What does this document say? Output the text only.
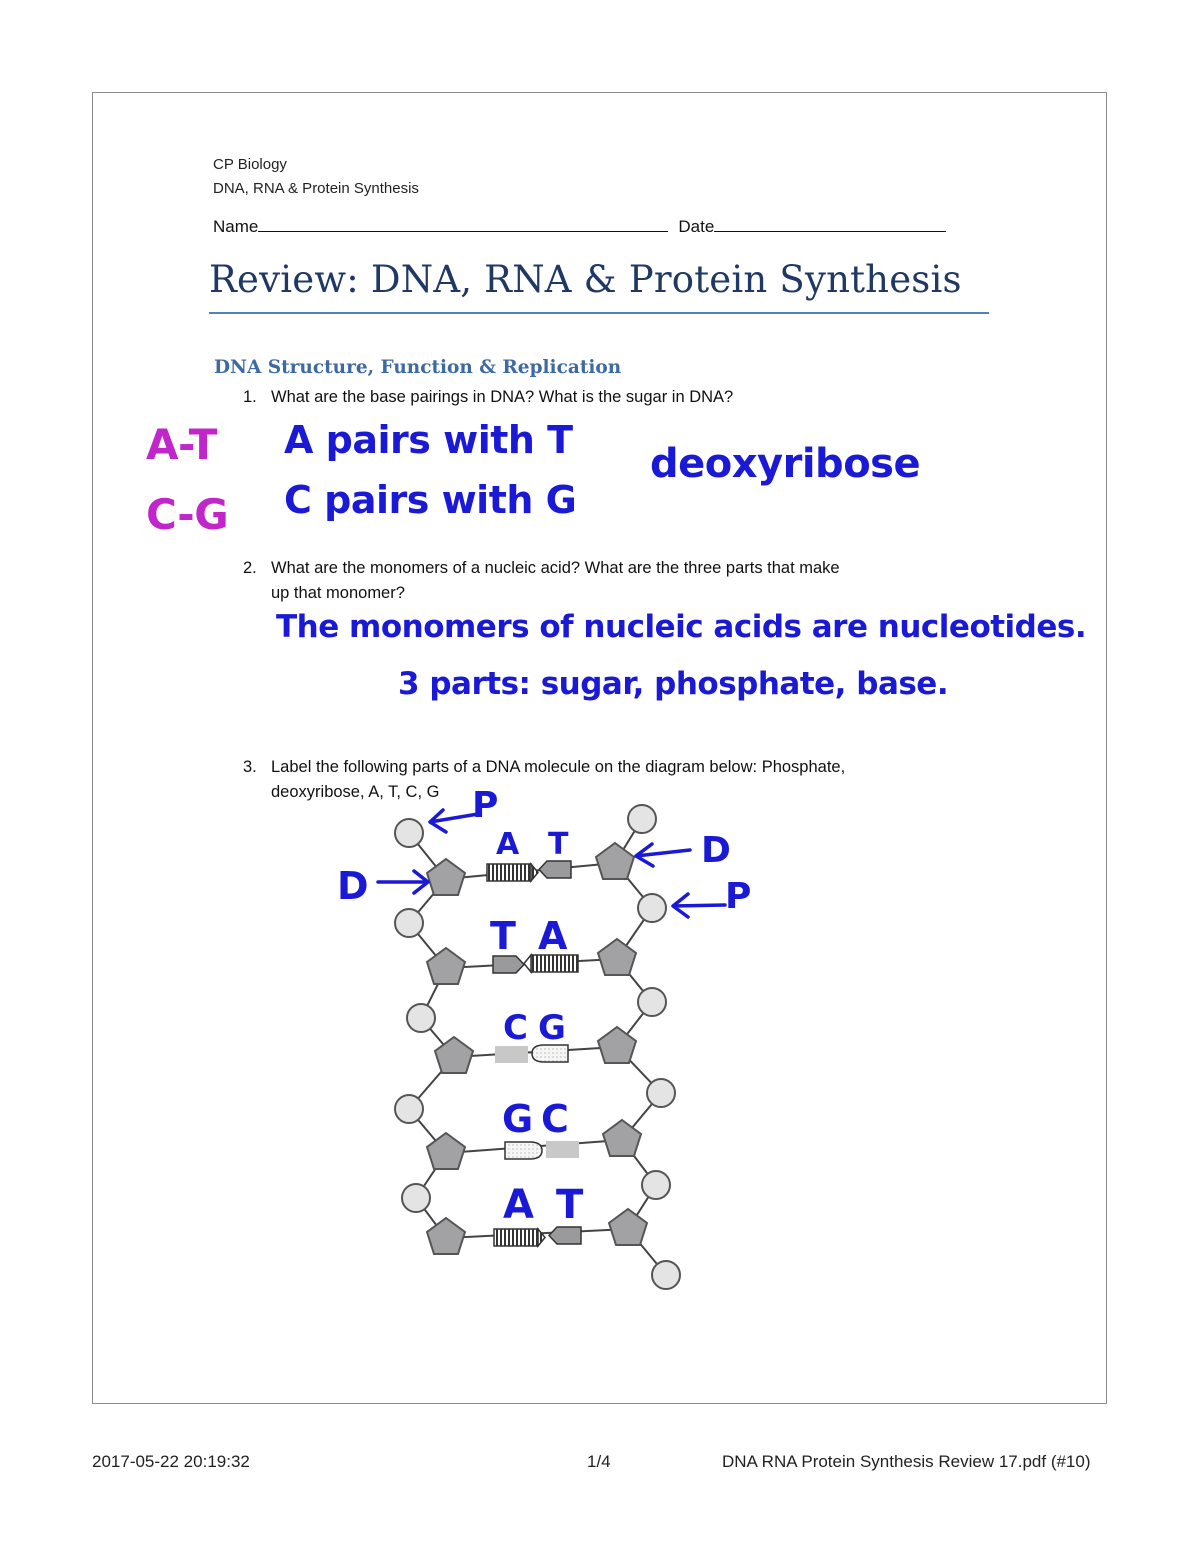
CP Biology
DNA, RNA & Protein Synthesis
Name	Date
Review: DNA, RNA & Protein Synthesis
DNA Structure, Function & Replication
1. What are the base pairings in DNA? What is the sugar in DNA?
A-T
C-G
A pairs with T
C pairs with G
deoxyribose
2. What are the monomers of a nucleic acid? What are the three parts that make
up that monomer?
The monomers of nucleic acids are nucleotides.
3 parts: sugar, phosphate, base.
3. Label the following parts of a DNA molecule on the diagram below: Phosphate,
deoxyribose, A, T, C, G P
D
D	P
A T
T A
C G
G C
A T
2017-05-22 20:19:32	1/4	DNA RNA Protein Synthesis Review 17.pdf (#10)
